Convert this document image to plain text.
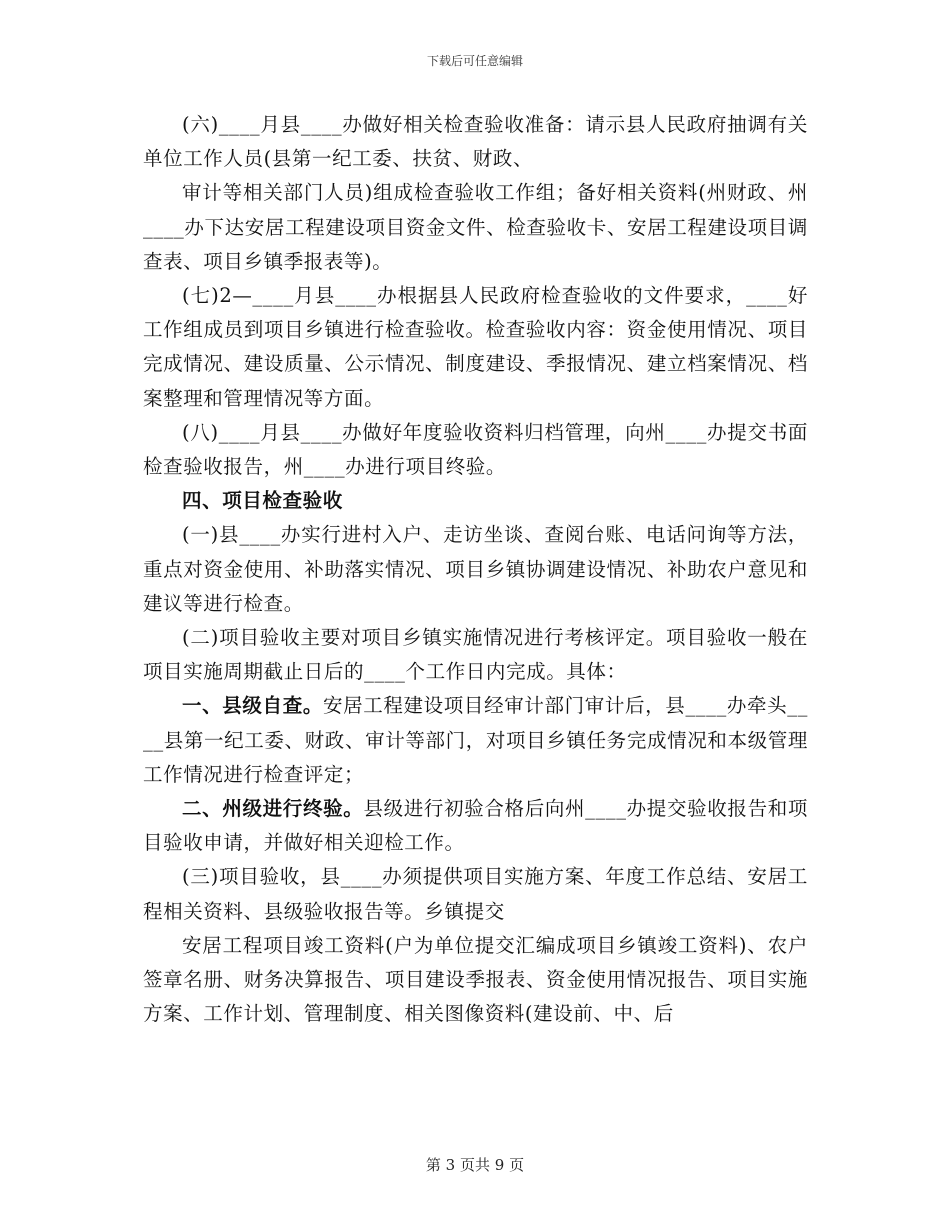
下载后可任意编辑

(六)____月县____办做好相关检查验收准备：请示县人民政府抽调有关单位工作人员(县第一纪工委、扶贫、财政、

审计等相关部门人员)组成检查验收工作组；备好相关资料(州财政、州____办下达安居工程建设项目资金文件、检查验收卡、安居工程建设项目调查表、项目乡镇季报表等)。

(七)2—____月县____办根据县人民政府检查验收的文件要求，____好工作组成员到项目乡镇进行检查验收。检查验收内容：资金使用情况、项目完成情况、建设质量、公示情况、制度建设、季报情况、建立档案情况、档案整理和管理情况等方面。

(八)____月县____办做好年度验收资料归档管理，向州____办提交书面检查验收报告，州____办进行项目终验。

四、项目检查验收

(一)县____办实行进村入户、走访坐谈、查阅台账、电话问询等方法，重点对资金使用、补助落实情况、项目乡镇协调建设情况、补助农户意见和建议等进行检查。

(二)项目验收主要对项目乡镇实施情况进行考核评定。项目验收一般在项目实施周期截止日后的____个工作日内完成。具体：

一、县级自查。安居工程建设项目经审计部门审计后，县____办牵头____县第一纪工委、财政、审计等部门，对项目乡镇任务完成情况和本级管理工作情况进行检查评定；

二、州级进行终验。县级进行初验合格后向州____办提交验收报告和项目验收申请，并做好相关迎检工作。

(三)项目验收，县____办须提供项目实施方案、年度工作总结、安居工程相关资料、县级验收报告等。乡镇提交

安居工程项目竣工资料(户为单位提交汇编成项目乡镇竣工资料)、农户签章名册、财务决算报告、项目建设季报表、资金使用情况报告、项目实施方案、工作计划、管理制度、相关图像资料(建设前、中、后

第 3 页共 9 页
